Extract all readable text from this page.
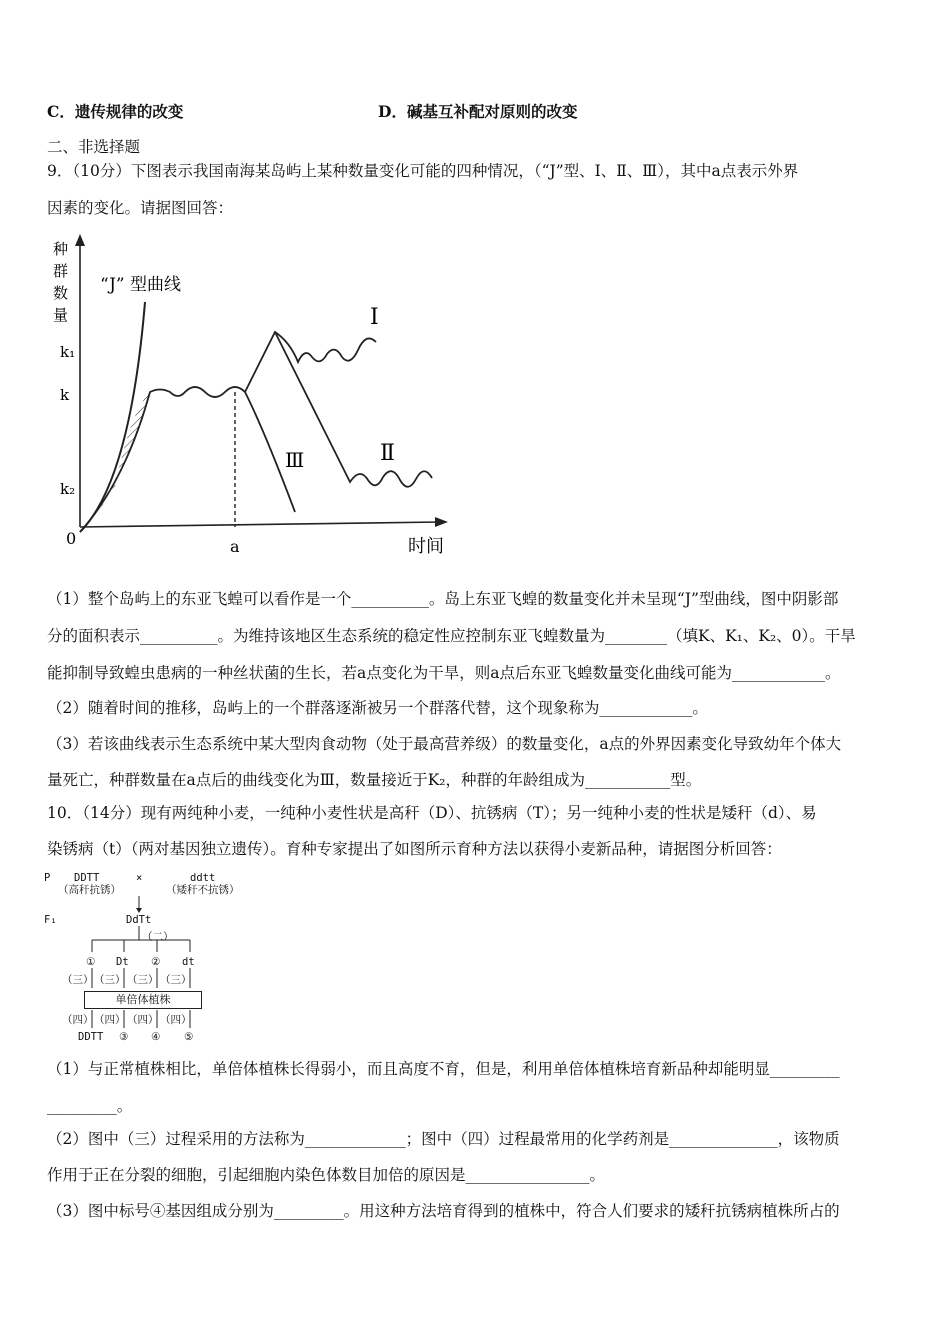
C．遗传规律的改变	D．碱基互补配对原则的改变
二、非选择题
9．（10分）下图表示我国南海某岛屿上某种数量变化可能的四种情况，（“J”型、Ⅰ、Ⅱ、Ⅲ），其中a点表示外界
因素的变化。请据图回答：
种
群
数
量
“J” 型曲线
k₁
k
k₂
0	a	时间
Ⅰ
Ⅱ
Ⅲ
（1）整个岛屿上的东亚飞蝗可以看作是一个__________。岛上东亚飞蝗的数量变化并未呈现“J”型曲线，图中阴影部
分的面积表示__________。为维持该地区生态系统的稳定性应控制东亚飞蝗数量为________（填K、K₁、K₂、0）。干旱
能抑制导致蝗虫患病的一种丝状菌的生长，若a点变化为干旱，则a点后东亚飞蝗数量变化曲线可能为____________。
（2）随着时间的推移，岛屿上的一个群落逐渐被另一个群落代替，这个现象称为____________。
（3）若该曲线表示生态系统中某大型肉食动物（处于最高营养级）的数量变化，a点的外界因素变化导致幼年个体大
量死亡，种群数量在a点后的曲线变化为Ⅲ，数量接近于K₂，种群的年龄组成为___________型。
10．（14分）现有两纯种小麦，一纯种小麦性状是高秆（D）、抗锈病（T）；另一纯种小麦的性状是矮秆（d）、易
染锈病（t）（两对基因独立遗传）。育种专家提出了如图所示育种方法以获得小麦新品种，请据图分析回答：
P DDTT
（高秆抗锈）
×	ddtt
（矮秆不抗锈）
F₁	DdTt
（二）
① Dt ② dt
（三） （三） （三） （三）
单倍体植株
（四） （四） （四） （四）
DDTT ③ ④ ⑤
（1）与正常植株相比，单倍体植株长得弱小，而且高度不育，但是，利用单倍体植株培育新品种却能明显_________
_________。
（2）图中（三）过程采用的方法称为_____________；图中（四）过程最常用的化学药剂是______________，该物质
作用于正在分裂的细胞，引起细胞内染色体数目加倍的原因是________________。
（3）图中标号④基因组成分别为_________。用这种方法培育得到的植株中，符合人们要求的矮秆抗锈病植株所占的
